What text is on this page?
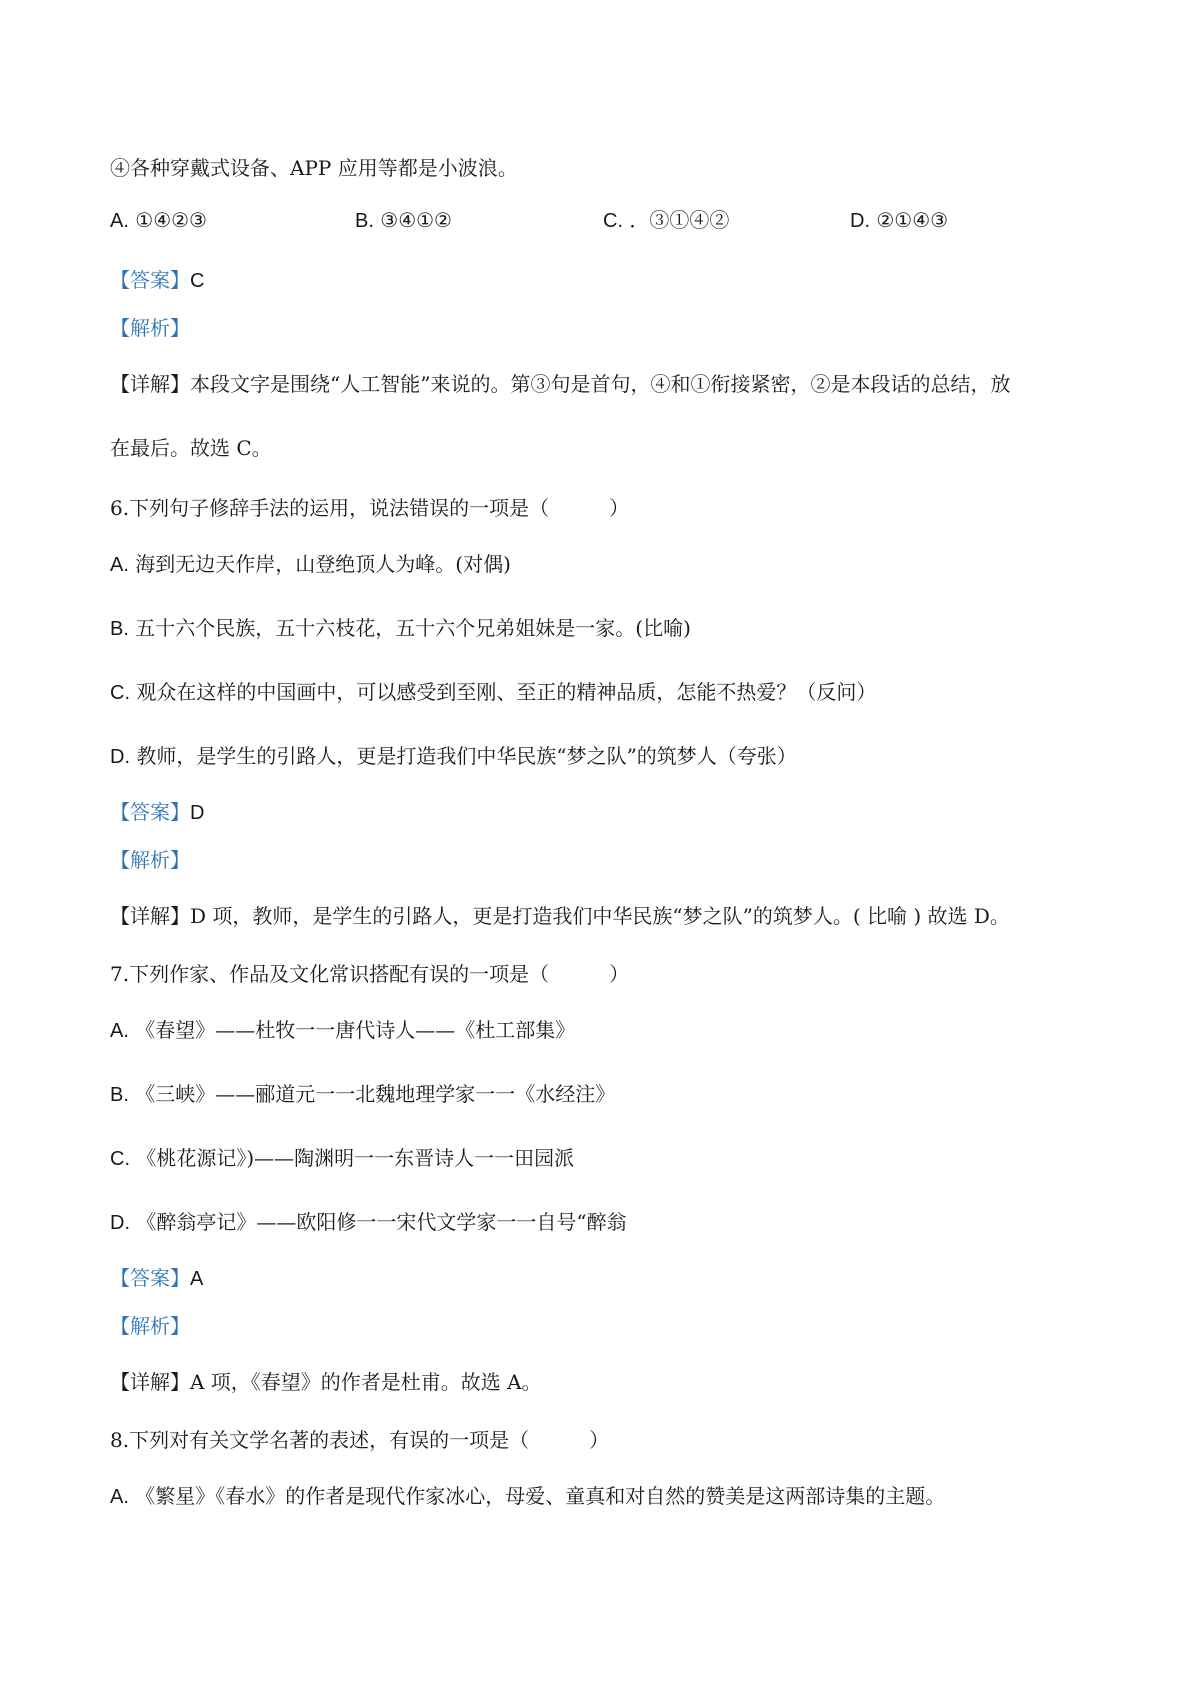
④各种穿戴式设备、APP 应用等都是小波浪。

A. ①④②③	B. ③④①②	C. ．③①④②	D. ②①④③

【答案】C

【解析】

【详解】本段文字是围绕“人工智能”来说的。第③句是首句，④和①衔接紧密，②是本段话的总结，放

在最后。故选 C。

6.下列句子修辞手法的运用，说法错误的一项是（　　　）

A. 海到无边天作岸，山登绝顶人为峰。(对偶)

B. 五十六个民族，五十六枝花，五十六个兄弟姐妹是一家。(比喻)

C. 观众在这样的中国画中，可以感受到至刚、至正的精神品质，怎能不热爱？（反问）

D. 教师，是学生的引路人，更是打造我们中华民族“梦之队”的筑梦人（夸张）

【答案】D

【解析】

【详解】D 项，教师，是学生的引路人，更是打造我们中华民族“梦之队”的筑梦人。( 比喻 ) 故选 D。

7.下列作家、作品及文化常识搭配有误的一项是（　　　）

A. 《春望》——杜牧一一唐代诗人——《杜工部集》

B. 《三峡》——郦道元一一北魏地理学家一一《水经注》

C. 《桃花源记》)——陶渊明一一东晋诗人一一田园派

D. 《醉翁亭记》——欧阳修一一宋代文学家一一自号“醉翁

【答案】A

【解析】

【详解】A 项，《春望》的作者是杜甫。故选 A。

8.下列对有关文学名著的表述，有误的一项是（　　　）

A. 《繁星》《春水》的作者是现代作家冰心，母爱、童真和对自然的赞美是这两部诗集的主题。
